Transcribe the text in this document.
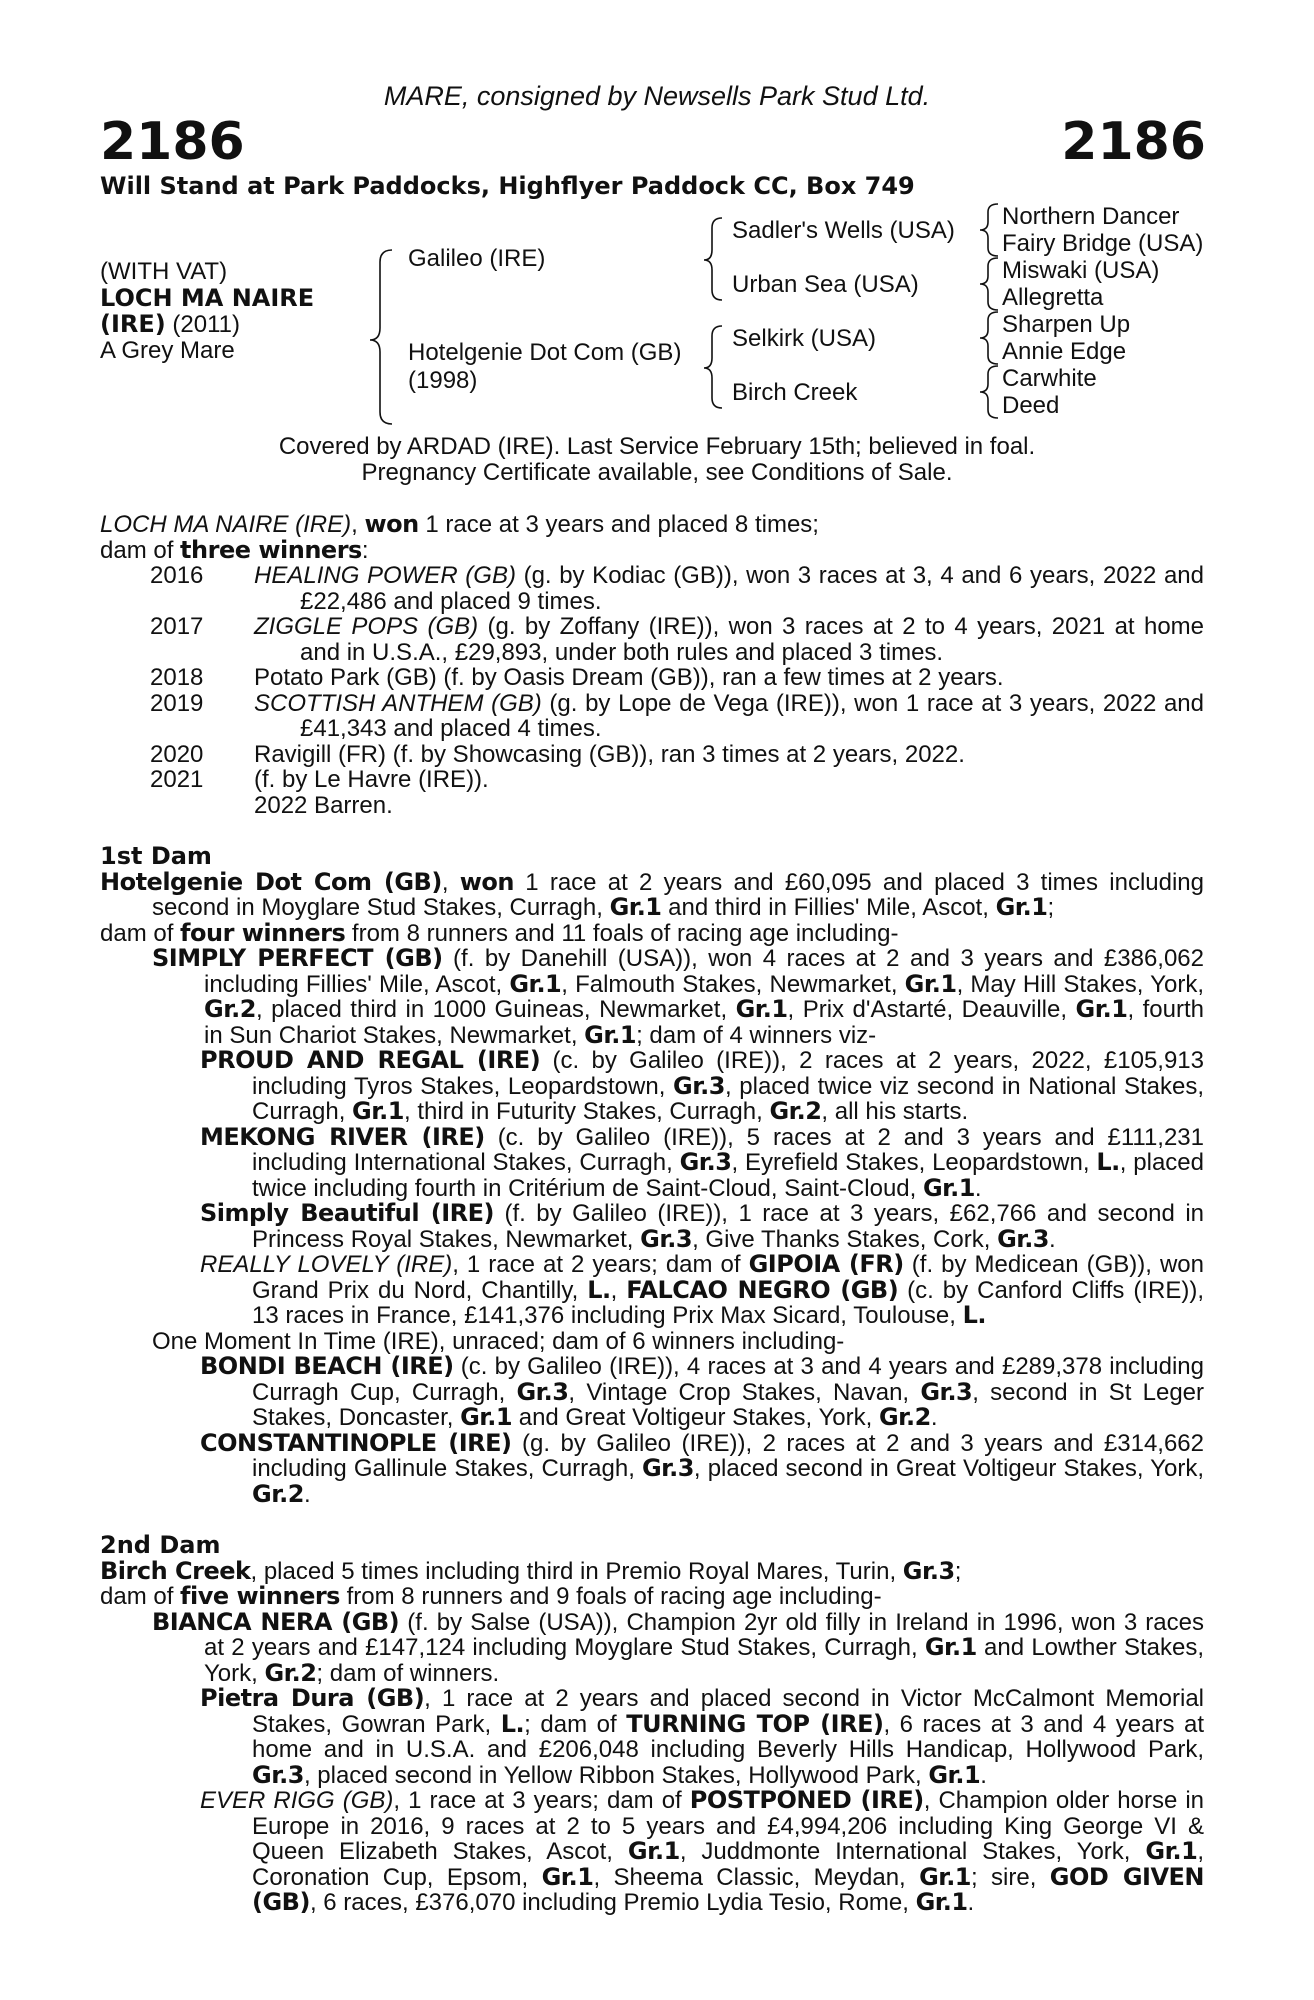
MARE, consigned by Newsells Park Stud Ltd.
2186	2186
Will Stand at Park Paddocks, Highflyer Paddock CC, Box 749
(WITH VAT)
LOCH MA NAIRE
(IRE) (2011)
A Grey Mare
Galileo (IRE)
Hotelgenie Dot Com (GB)
(1998)
Sadler's Wells (USA)
Urban Sea (USA)
Selkirk (USA)
Birch Creek
Northern Dancer
Fairy Bridge (USA)
Miswaki (USA)
Allegretta
Sharpen Up
Annie Edge
Carwhite
Deed
Covered by ARDAD (IRE). Last Service February 15th; believed in foal.
Pregnancy Certificate available, see Conditions of Sale.

LOCH MA NAIRE (IRE), won 1 race at 3 years and placed 8 times;

dam of three winners:

2016 HEALING POWER (GB) (g. by Kodiac (GB)), won 3 races at 3, 4 and 6 years, 2022 and £22,486 and placed 9 times.

2017 ZIGGLE POPS (GB) (g. by Zoffany (IRE)), won 3 races at 2 to 4 years, 2021 at home and in U.S.A., £29,893, under both rules and placed 3 times.

2018 Potato Park (GB) (f. by Oasis Dream (GB)), ran a few times at 2 years.

2019 SCOTTISH ANTHEM (GB) (g. by Lope de Vega (IRE)), won 1 race at 3 years, 2022 and £41,343 and placed 4 times.

2020 Ravigill (FR) (f. by Showcasing (GB)), ran 3 times at 2 years, 2022.

2021 (f. by Le Havre (IRE)).

2022 Barren.

1st Dam

Hotelgenie Dot Com (GB), won 1 race at 2 years and £60,095 and placed 3 times including second in Moyglare Stud Stakes, Curragh, Gr.1 and third in Fillies' Mile, Ascot, Gr.1;

dam of four winners from 8 runners and 11 foals of racing age including-

SIMPLY PERFECT (GB) (f. by Danehill (USA)), won 4 races at 2 and 3 years and £386,062 including Fillies' Mile, Ascot, Gr.1, Falmouth Stakes, Newmarket, Gr.1, May Hill Stakes, York, Gr.2, placed third in 1000 Guineas, Newmarket, Gr.1, Prix d'Astarté, Deauville, Gr.1, fourth in Sun Chariot Stakes, Newmarket, Gr.1; dam of 4 winners viz-

PROUD AND REGAL (IRE) (c. by Galileo (IRE)), 2 races at 2 years, 2022, £105,913 including Tyros Stakes, Leopardstown, Gr.3, placed twice viz second in National Stakes, Curragh, Gr.1, third in Futurity Stakes, Curragh, Gr.2, all his starts.

MEKONG RIVER (IRE) (c. by Galileo (IRE)), 5 races at 2 and 3 years and £111,231 including International Stakes, Curragh, Gr.3, Eyrefield Stakes, Leopardstown, L., placed twice including fourth in Critérium de Saint-Cloud, Saint-Cloud, Gr.1.

Simply Beautiful (IRE) (f. by Galileo (IRE)), 1 race at 3 years, £62,766 and second in Princess Royal Stakes, Newmarket, Gr.3, Give Thanks Stakes, Cork, Gr.3.

REALLY LOVELY (IRE), 1 race at 2 years; dam of GIPOIA (FR) (f. by Medicean (GB)), won Grand Prix du Nord, Chantilly, L., FALCAO NEGRO (GB) (c. by Canford Cliffs (IRE)), 13 races in France, £141,376 including Prix Max Sicard, Toulouse, L.

One Moment In Time (IRE), unraced; dam of 6 winners including-

BONDI BEACH (IRE) (c. by Galileo (IRE)), 4 races at 3 and 4 years and £289,378 including Curragh Cup, Curragh, Gr.3, Vintage Crop Stakes, Navan, Gr.3, second in St Leger Stakes, Doncaster, Gr.1 and Great Voltigeur Stakes, York, Gr.2.

CONSTANTINOPLE (IRE) (g. by Galileo (IRE)), 2 races at 2 and 3 years and £314,662 including Gallinule Stakes, Curragh, Gr.3, placed second in Great Voltigeur Stakes, York, Gr.2.

2nd Dam

Birch Creek, placed 5 times including third in Premio Royal Mares, Turin, Gr.3;

dam of five winners from 8 runners and 9 foals of racing age including-

BIANCA NERA (GB) (f. by Salse (USA)), Champion 2yr old filly in Ireland in 1996, won 3 races at 2 years and £147,124 including Moyglare Stud Stakes, Curragh, Gr.1 and Lowther Stakes, York, Gr.2; dam of winners.

Pietra Dura (GB), 1 race at 2 years and placed second in Victor McCalmont Memorial Stakes, Gowran Park, L.; dam of TURNING TOP (IRE), 6 races at 3 and 4 years at home and in U.S.A. and £206,048 including Beverly Hills Handicap, Hollywood Park, Gr.3, placed second in Yellow Ribbon Stakes, Hollywood Park, Gr.1.

EVER RIGG (GB), 1 race at 3 years; dam of POSTPONED (IRE), Champion older horse in Europe in 2016, 9 races at 2 to 5 years and £4,994,206 including King George VI & Queen Elizabeth Stakes, Ascot, Gr.1, Juddmonte International Stakes, York, Gr.1, Coronation Cup, Epsom, Gr.1, Sheema Classic, Meydan, Gr.1; sire, GOD GIVEN (GB), 6 races, £376,070 including Premio Lydia Tesio, Rome, Gr.1.
